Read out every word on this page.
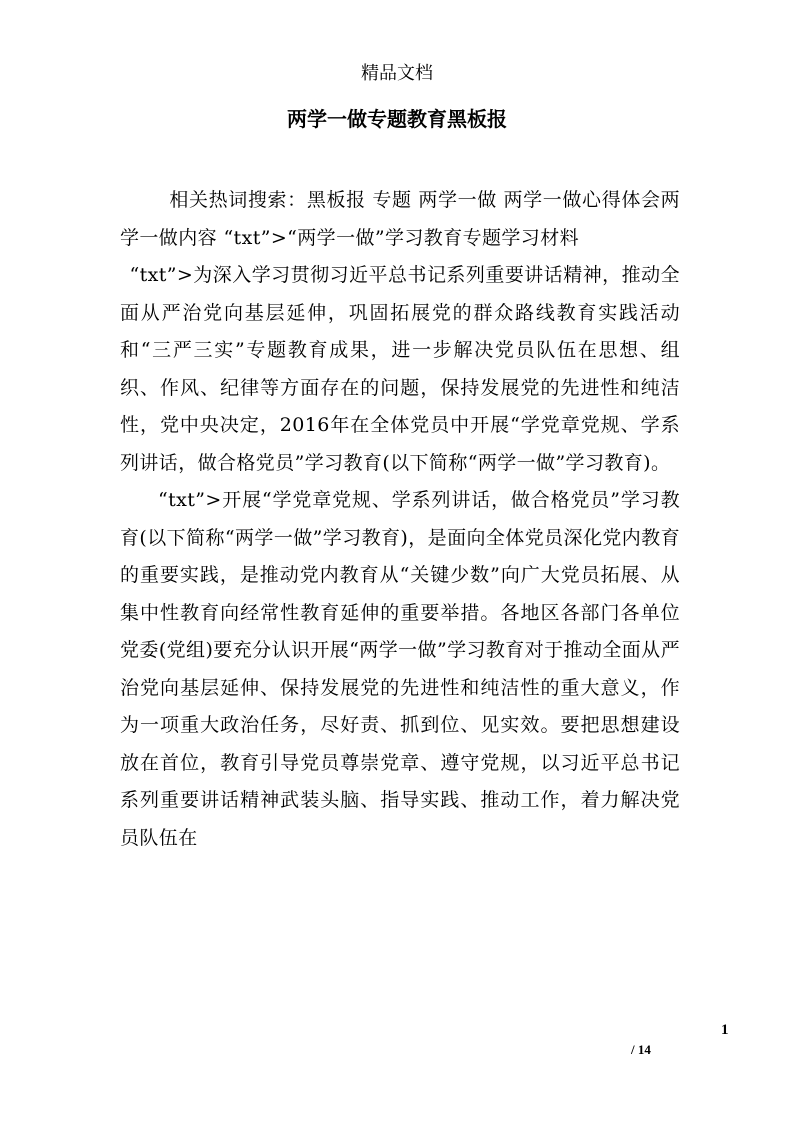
精品文档
两学一做专题教育黑板报

相关热词搜索：黑板报 专题 两学一做 两学一做心得体会两学一做内容 “txt”>“两学一做”学习教育专题学习材料

“txt”>为深入学习贯彻习近平总书记系列重要讲话精神，推动全面从严治党向基层延伸，巩固拓展党的群众路线教育实践活动和“三严三实”专题教育成果，进一步解决党员队伍在思想、组织、作风、纪律等方面存在的问题，保持发展党的先进性和纯洁性，党中央决定，2016年在全体党员中开展“学党章党规、学系列讲话，做合格党员”学习教育(以下简称“两学一做”学习教育)。

“txt”>开展“学党章党规、学系列讲话，做合格党员”学习教育(以下简称“两学一做”学习教育)，是面向全体党员深化党内教育的重要实践，是推动党内教育从“关键少数”向广大党员拓展、从集中性教育向经常性教育延伸的重要举措。各地区各部门各单位党委(党组)要充分认识开展“两学一做”学习教育对于推动全面从严治党向基层延伸、保持发展党的先进性和纯洁性的重大意义，作为一项重大政治任务，尽好责、抓到位、见实效。要把思想建设放在首位，教育引导党员尊崇党章、遵守党规，以习近平总书记系列重要讲话精神武装头脑、指导实践、推动工作，着力解决党员队伍在

1
/ 14
